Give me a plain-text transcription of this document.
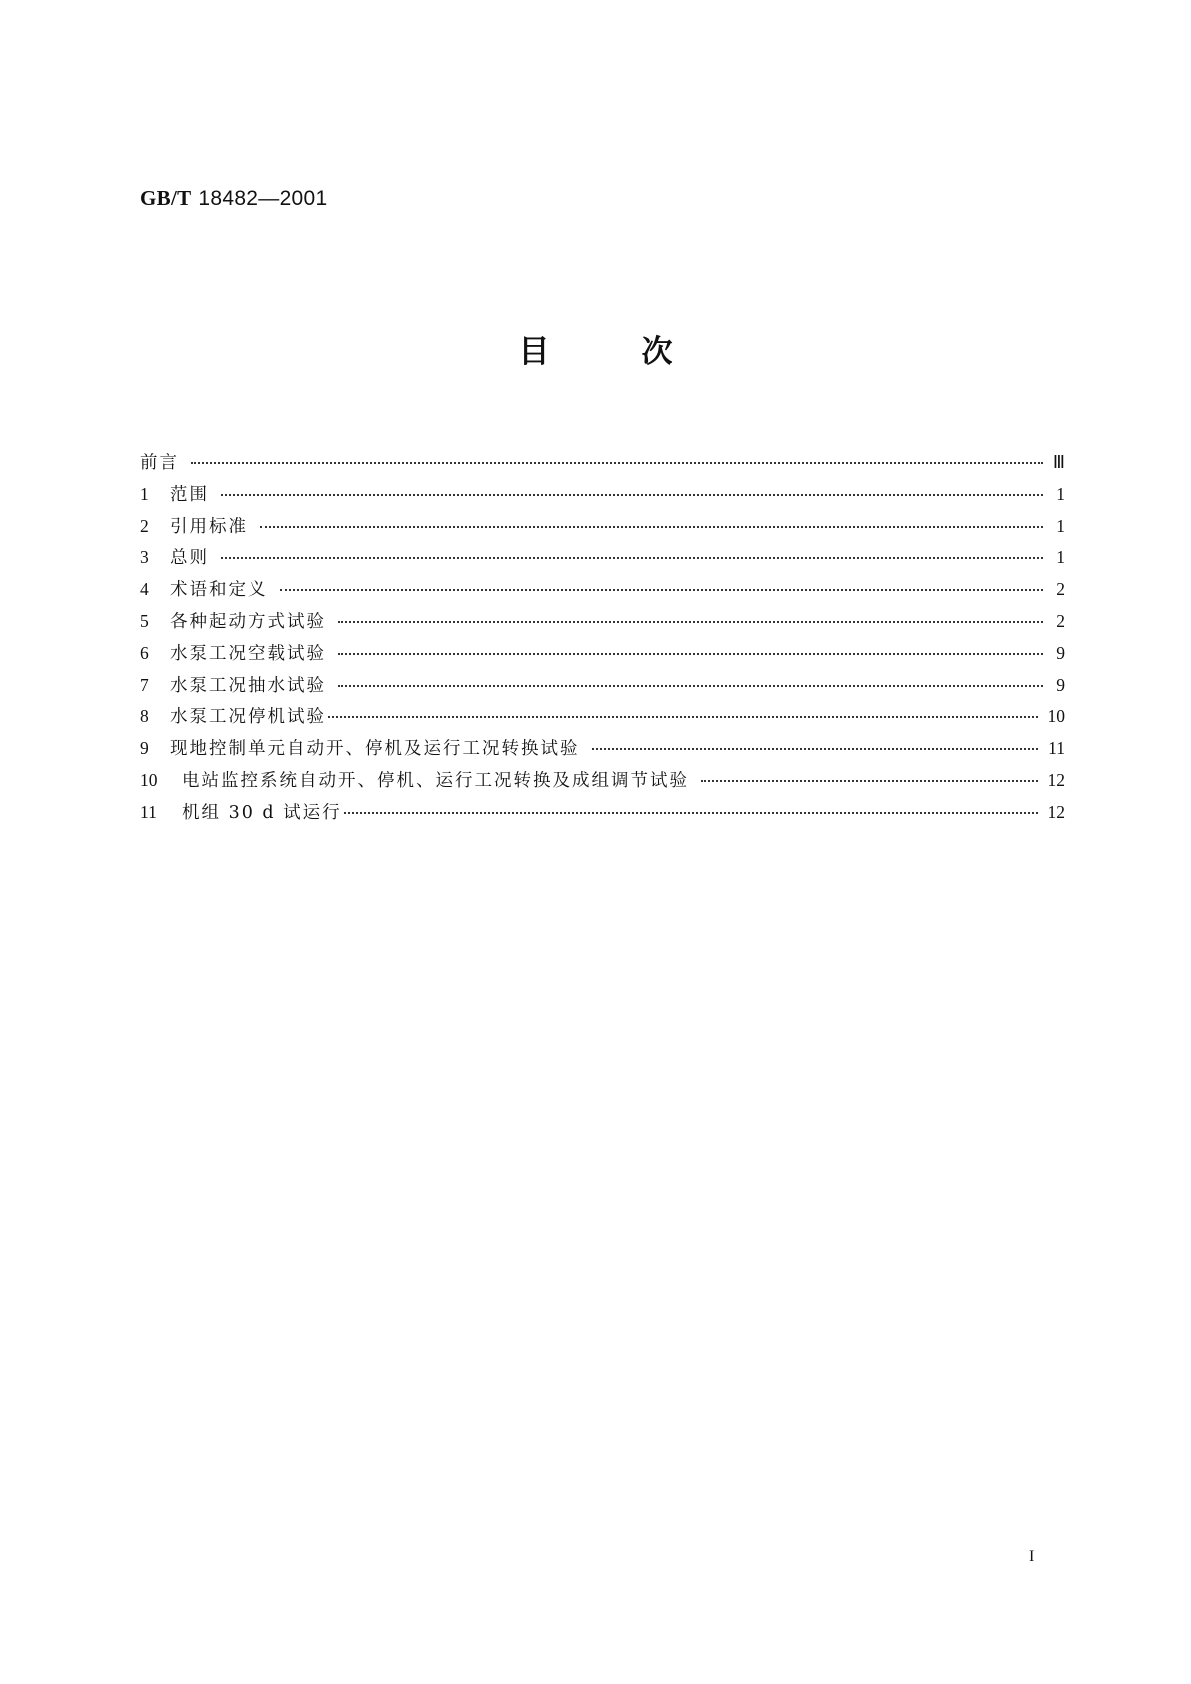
GB/T 18482—2001
目	次
前言	Ⅲ
1	范围	1
2	引用标准	1
3	总则	1
4	术语和定义	2
5	各种起动方式试验	2
6	水泵工况空载试验	9
7	水泵工况抽水试验	9
8	水泵工况停机试验	10
9	现地控制单元自动开、停机及运行工况转换试验	11
10	电站监控系统自动开、停机、运行工况转换及成组调节试验	12
11	机组 30 d 试运行	12
I
